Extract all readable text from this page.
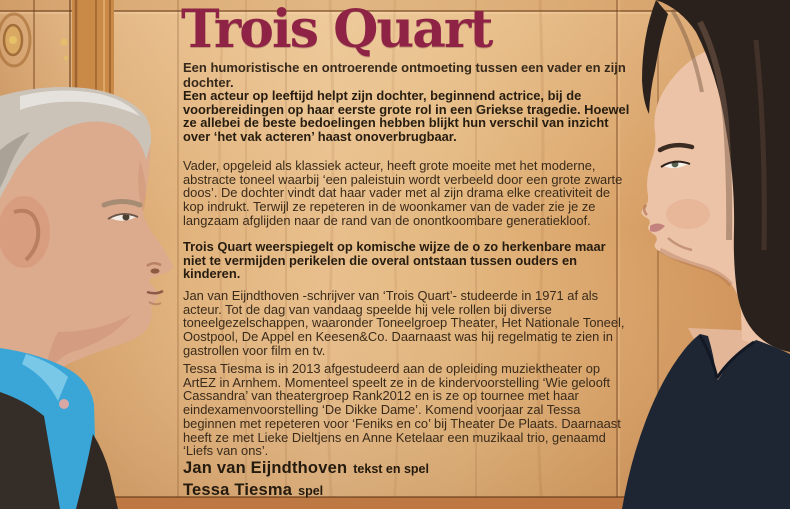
Trois Quart
Een humoristische en ontroerende ontmoeting tussen een vader en zijn dochter.

Een acteur op leeftijd helpt zijn dochter, beginnend actrice, bij de voorbereidingen op haar eerste grote rol in een Griekse tragedie. Hoewel ze allebei de beste bedoelingen hebben blijkt hun verschil van inzicht over ‘het vak acteren’ haast onoverbrugbaar.

Vader, opgeleid als klassiek acteur, heeft grote moeite met het moderne, abstracte toneel waarbij ‘een paleistuin wordt verbeeld door een grote zwarte doos’. De dochter vindt dat haar vader met al zijn drama elke creativiteit de kop indrukt. Terwijl ze repeteren in de woonkamer van de vader zie je ze langzaam afglijden naar de rand van de onontkoombare generatiekloof.

Trois Quart weerspiegelt op komische wijze de o zo herkenbare maar niet te vermijden perikelen die overal ontstaan tussen ouders en kinderen.

Jan van Eijndthoven -schrijver van ‘Trois Quart’- studeerde in 1971 af als acteur. Tot de dag van vandaag speelde hij vele rollen bij diverse toneelgezelschappen, waaronder Toneelgroep Theater, Het Nationale Toneel, Oostpool, De Appel en Keesen&Co. Daarnaast was hij regelmatig te zien in gastrollen voor film en tv.

Tessa Tiesma is in 2013 afgestudeerd aan de opleiding muziektheater op ArtEZ in Arnhem. Momenteel speelt ze in de kindervoorstelling ‘Wie gelooft Cassandra’ van theatergroep Rank2012 en is ze op tournee met haar eindexamenvoorstelling ‘De Dikke Dame’. Komend voorjaar zal Tessa beginnen met repeteren voor ‘Feniks en co’ bij Theater De Plaats. Daarnaast heeft ze met Lieke Dieltjens en Anne Ketelaar een muzikaal trio, genaamd ‘Liefs van ons’.

Jan van Eijndthoven tekst en spel
Tessa Tiesma spel
